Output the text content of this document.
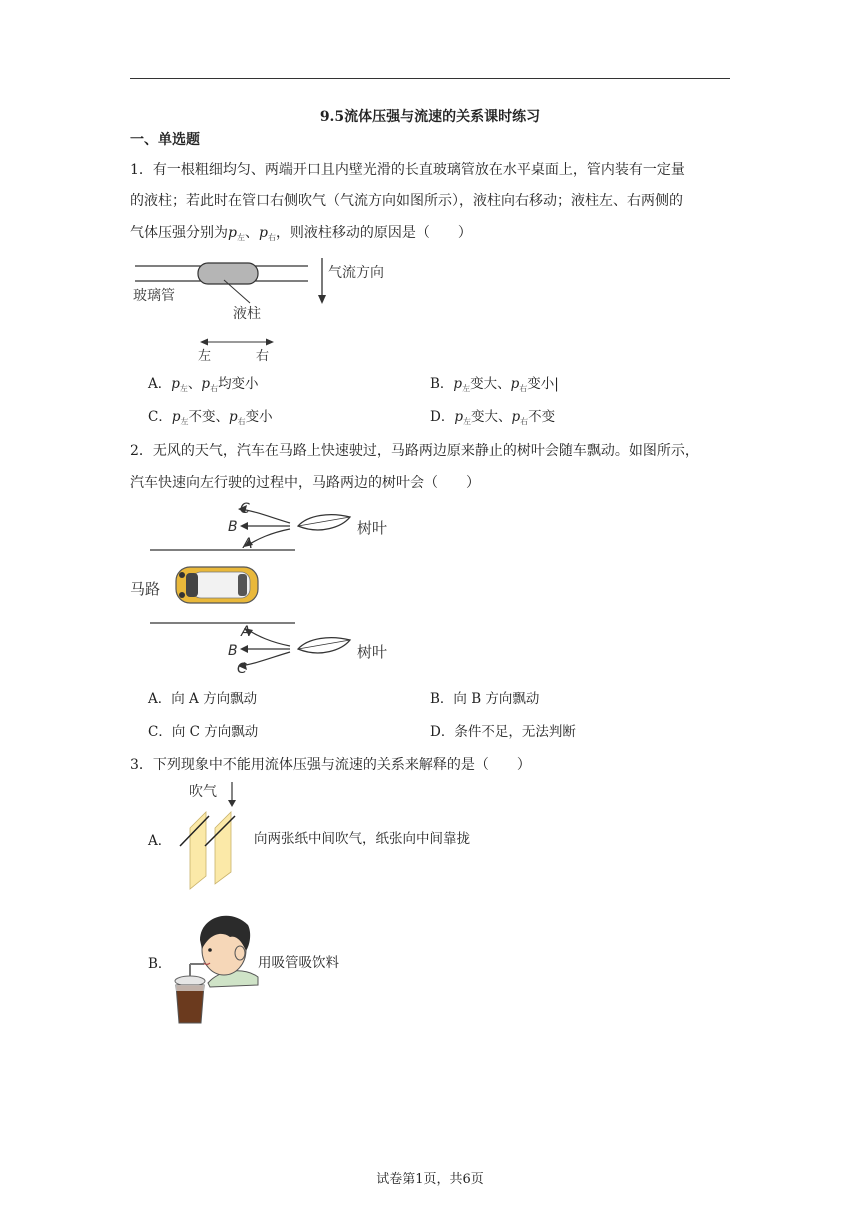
9.5流体压强与流速的关系课时练习
一、单选题
1．有一根粗细均匀、两端开口且内壁光滑的长直玻璃管放在水平桌面上，管内装有一定量
的液柱；若此时在管口右侧吹气（气流方向如图所示），液柱向右移动；液柱左、右两侧的
气体压强分别为$p_左$、$p_右$，则液柱移动的原因是（　　）
气流方向
玻璃管
液柱
左	右
A．$p_左$、$p_右$均变小	B．$p_左$变大、$p_右$变小|
C．$p_左$不变、$p_右$变小	D．$p_左$变大、$p_右$不变
2．无风的天气，汽车在马路上快速驶过，马路两边原来静止的树叶会随车飘动。如图所示，
汽车快速向左行驶的过程中，马路两边的树叶会（　　）
C
B
A
树叶
马路
A
B
C
树叶
A．向 A 方向飘动	B．向 B 方向飘动
C．向 C 方向飘动	D．条件不足，无法判断
3．下列现象中不能用流体压强与流速的关系来解释的是（　　）
吹气
A．	向两张纸中间吹气，纸张向中间靠拢
B．	用吸管吸饮料
试卷第1页，共6页
